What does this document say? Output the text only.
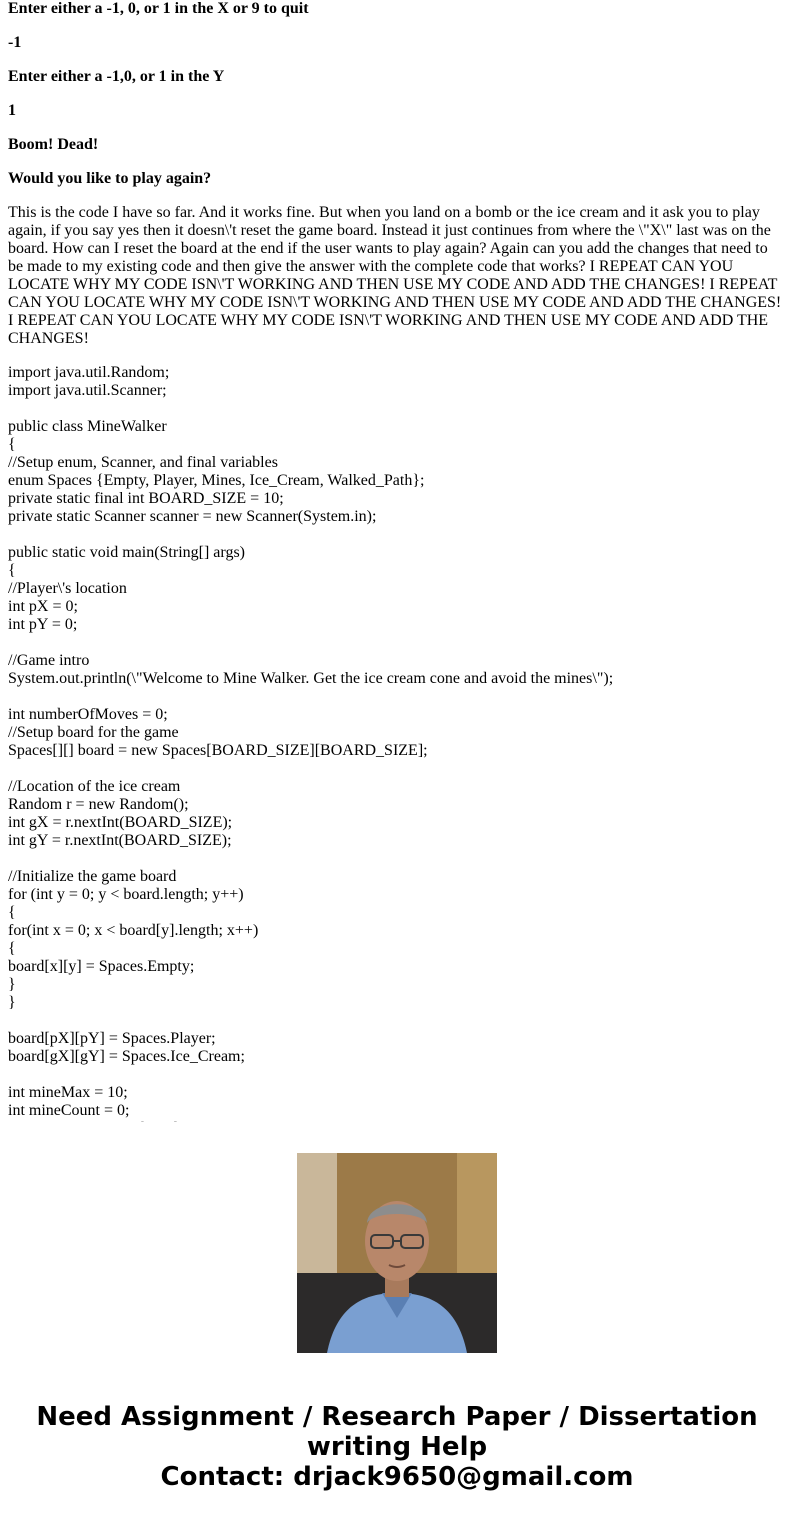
Enter either a -1, 0, or 1 in the X or 9 to quit
-1
Enter either a -1,0, or 1 in the Y
1
Boom! Dead!
Would you like to play again?
This is the code I have so far. And it works fine. But when you land on a bomb or the ice cream and it ask you to play again, if you say yes then it doesn\'t reset the game board. Instead it just continues from where the \"X\" last was on the board. How can I reset the board at the end if the user wants to play again? Again can you add the changes that need to be made to my existing code and then give the answer with the complete code that works? I REPEAT CAN YOU LOCATE WHY MY CODE ISN\'T WORKING AND THEN USE MY CODE AND ADD THE CHANGES! I REPEAT CAN YOU LOCATE WHY MY CODE ISN\'T WORKING AND THEN USE MY CODE AND ADD THE CHANGES! I REPEAT CAN YOU LOCATE WHY MY CODE ISN\'T WORKING AND THEN USE MY CODE AND ADD THE CHANGES!
import java.util.Random;
import java.util.Scanner;
public class MineWalker
{
//Setup enum, Scanner, and final variables
enum Spaces {Empty, Player, Mines, Ice_Cream, Walked_Path};
private static final int BOARD_SIZE = 10;
private static Scanner scanner = new Scanner(System.in);
public static void main(String[] args)
{
//Player\'s location
int pX = 0;
int pY = 0;
//Game intro
System.out.println(\"Welcome to Mine Walker. Get the ice cream cone and avoid the mines\");
int numberOfMoves = 0;
//Setup board for the game
Spaces[][] board = new Spaces[BOARD_SIZE][BOARD_SIZE];
//Location of the ice cream
Random r = new Random();
int gX = r.nextInt(BOARD_SIZE);
int gY = r.nextInt(BOARD_SIZE);
//Initialize the game board
for (int y = 0; y < board.length; y++)
{
for(int x = 0; x < board[y].length; x++)
{
board[x][y] = Spaces.Empty;
}
}
board[pX][pY] = Spaces.Player;
board[gX][gY] = Spaces.Ice_Cream;
int mineMax = 10;
int mineCount = 0;
Need Assignment / Research Paper / Dissertation
writing Help
Contact: drjack9650@gmail.com
